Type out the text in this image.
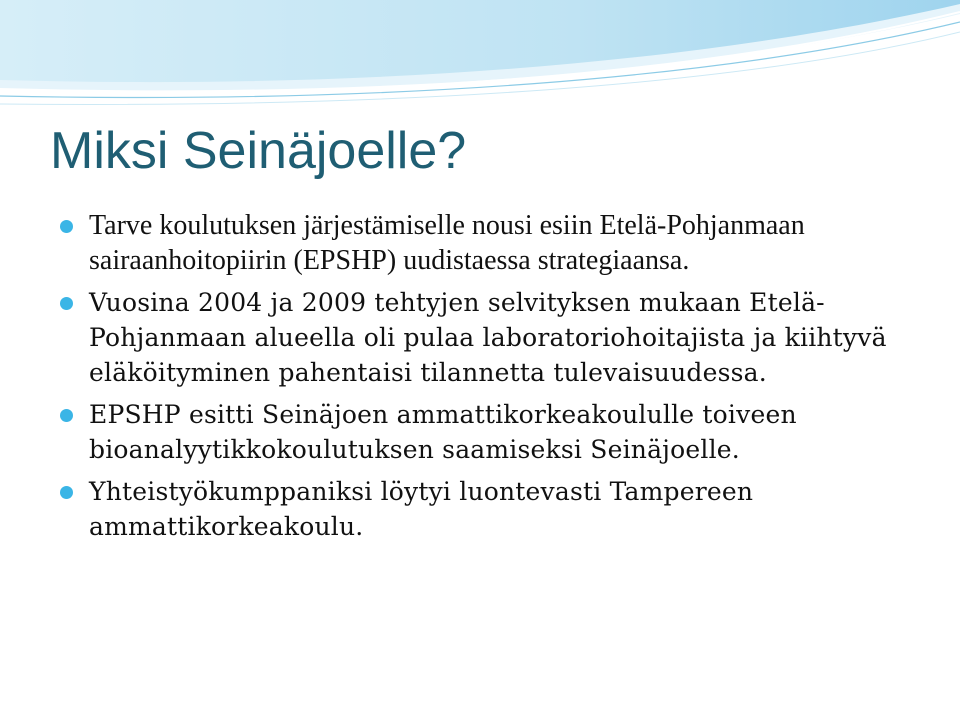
Miksi Seinäjoelle?
Tarve koulutuksen järjestämiselle nousi esiin Etelä-Pohjanmaan sairaanhoitopiirin (EPSHP) uudistaessa strategiaansa.
Vuosina 2004 ja 2009 tehtyjen selvityksen mukaan Etelä-Pohjanmaan alueella oli pulaa laboratoriohoitajista ja kiihtyvä eläköityminen pahentaisi tilannetta tulevaisuudessa.
EPSHP esitti Seinäjoen ammattikorkeakoululle toiveen bioanalyytikkokoulutuksen saamiseksi Seinäjoelle.
Yhteistyökumppaniksi löytyi luontevasti Tampereen ammattikorkeakoulu.
